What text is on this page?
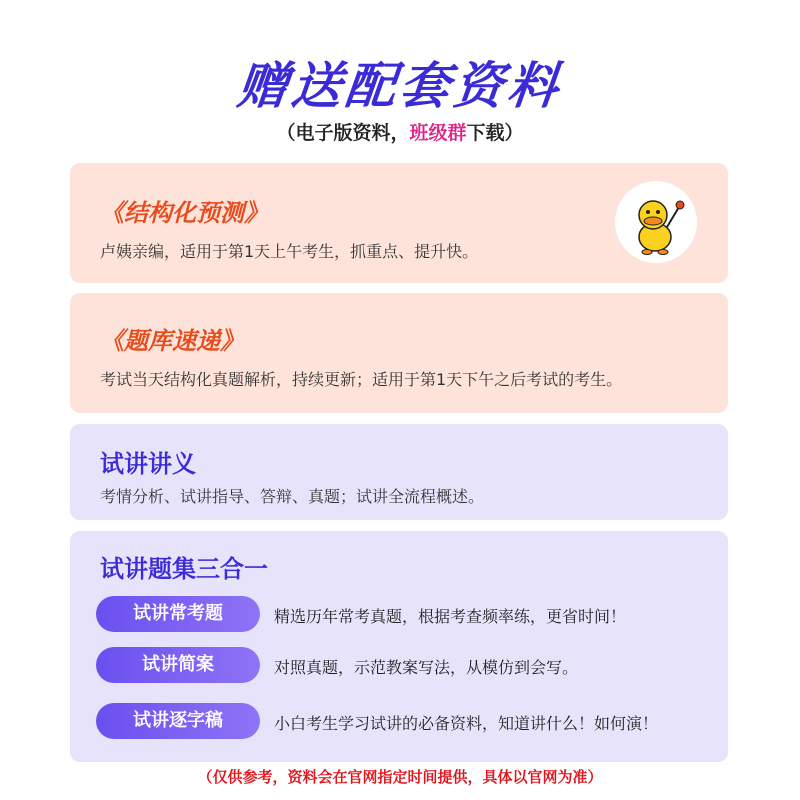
赠送配套资料
（电子版资料，班级群下载）
《结构化预测》
卢姨亲编，适用于第1天上午考生，抓重点、提升快。
《题库速递》
考试当天结构化真题解析，持续更新；适用于第1天下午之后考试的考生。
试讲讲义
考情分析、试讲指导、答辩、真题；试讲全流程概述。
试讲题集三合一
试讲常考题	精选历年常考真题，根据考查频率练，更省时间！
试讲简案	对照真题，示范教案写法，从模仿到会写。
试讲逐字稿	小白考生学习试讲的必备资料，知道讲什么！如何演！
（仅供参考，资料会在官网指定时间提供，具体以官网为准）
